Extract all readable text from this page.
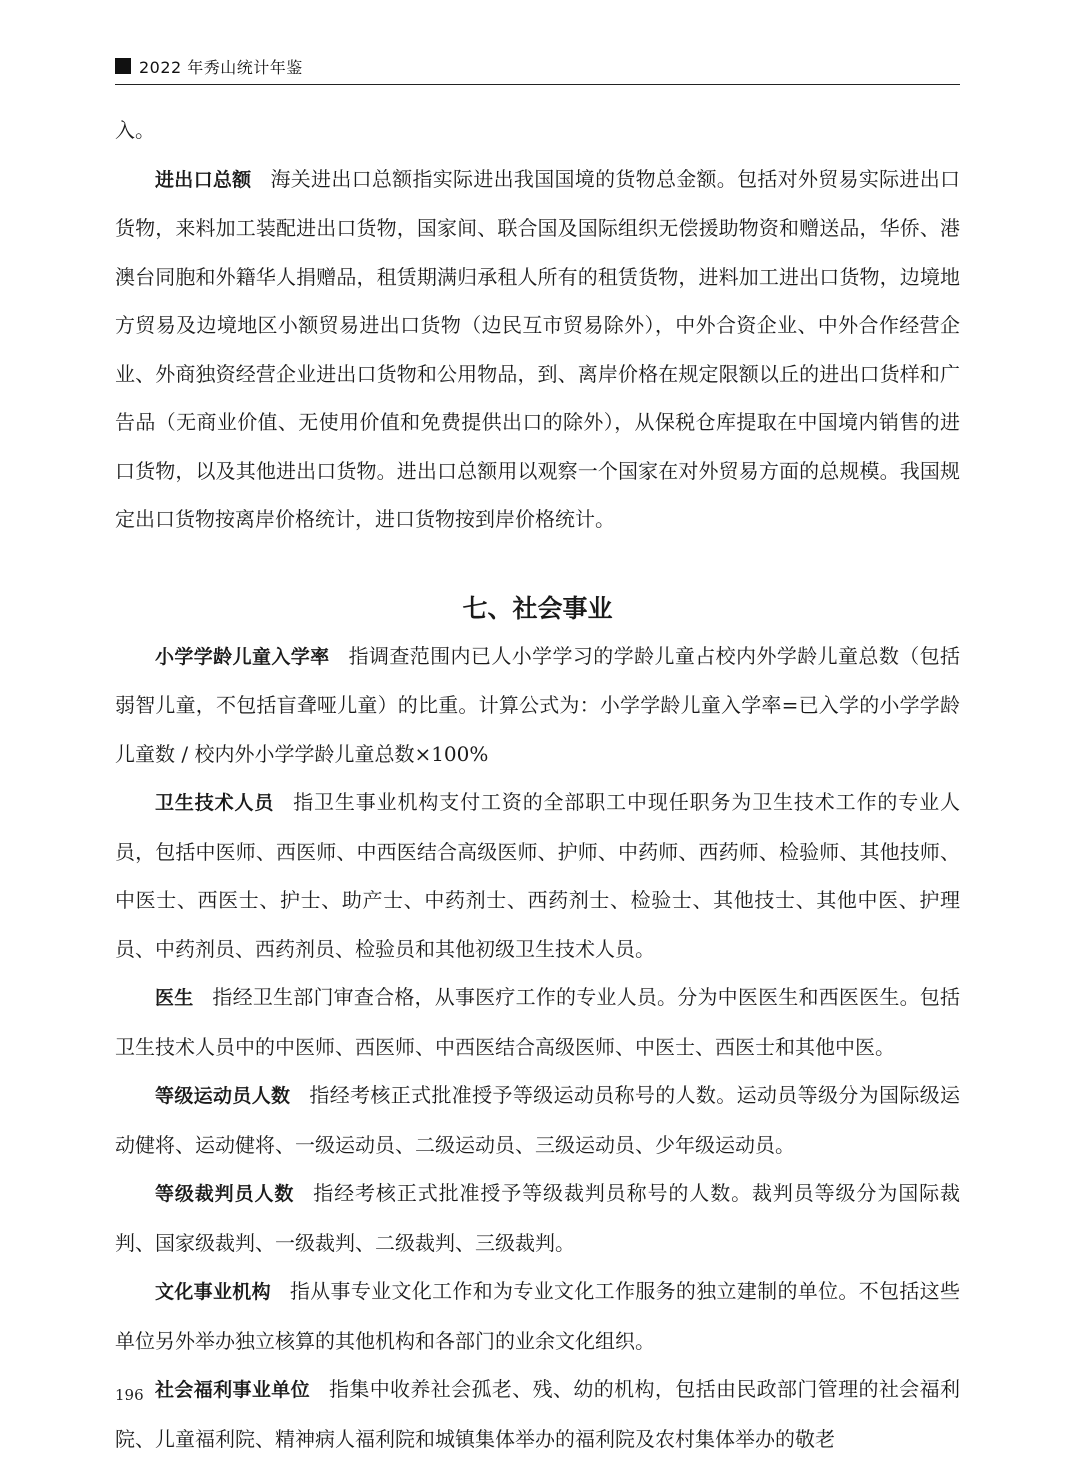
2022 年秀山统计年鉴

入。

进出口总额 海关进出口总额指实际进出我国国境的货物总金额。包括对外贸易实际进出口货物，来料加工装配进出口货物，国家间、联合国及国际组织无偿援助物资和赠送品，华侨、港澳台同胞和外籍华人捐赠品，租赁期满归承租人所有的租赁货物，进料加工进出口货物，边境地方贸易及边境地区小额贸易进出口货物（边民互市贸易除外），中外合资企业、中外合作经营企业、外商独资经营企业进出口货物和公用物品，到、离岸价格在规定限额以丘的进出口货样和广告品（无商业价值、无使用价值和免费提供出口的除外），从保税仓库提取在中国境内销售的进口货物，以及其他进出口货物。进出口总额用以观察一个国家在对外贸易方面的总规模。我国规定出口货物按离岸价格统计，进口货物按到岸价格统计。

七、社会事业

小学学龄儿童入学率 指调查范围内已人小学学习的学龄儿童占校内外学龄儿童总数（包括弱智儿童，不包括盲聋哑儿童）的比重。计算公式为：小学学龄儿童入学率=已入学的小学学龄儿童数 / 校内外小学学龄儿童总数×100%

卫生技术人员 指卫生事业机构支付工资的全部职工中现任职务为卫生技术工作的专业人员，包括中医师、西医师、中西医结合高级医师、护师、中药师、西药师、检验师、其他技师、中医士、西医士、护士、助产士、中药剂士、西药剂士、检验士、其他技士、其他中医、护理员、中药剂员、西药剂员、检验员和其他初级卫生技术人员。

医生 指经卫生部门审查合格，从事医疗工作的专业人员。分为中医医生和西医医生。包括卫生技术人员中的中医师、西医师、中西医结合高级医师、中医士、西医士和其他中医。

等级运动员人数 指经考核正式批准授予等级运动员称号的人数。运动员等级分为国际级运动健将、运动健将、一级运动员、二级运动员、三级运动员、少年级运动员。

等级裁判员人数 指经考核正式批准授予等级裁判员称号的人数。裁判员等级分为国际裁判、国家级裁判、一级裁判、二级裁判、三级裁判。

文化事业机构 指从事专业文化工作和为专业文化工作服务的独立建制的单位。不包括这些单位另外举办独立核算的其他机构和各部门的业余文化组织。

社会福利事业单位 指集中收养社会孤老、残、幼的机构，包括由民政部门管理的社会福利院、儿童福利院、精神病人福利院和城镇集体举办的福利院及农村集体举办的敬老

196
